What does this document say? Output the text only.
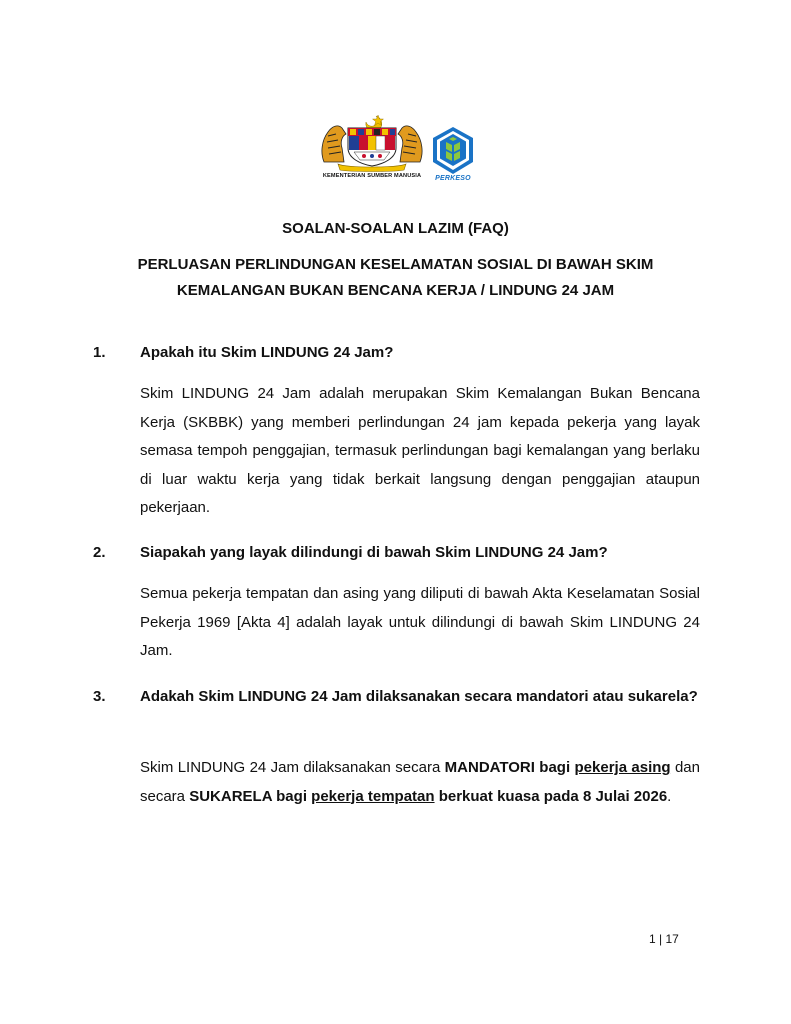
KEMENTERIAN SUMBER MANUSIA	PERKESO
SOALAN-SOALAN LAZIM (FAQ)
PERLUASAN PERLINDUNGAN KESELAMATAN SOSIAL DI BAWAH SKIM
KEMALANGAN BUKAN BENCANA KERJA / LINDUNG 24 JAM
1. Apakah itu Skim LINDUNG 24 Jam?
Skim LINDUNG 24 Jam adalah merupakan Skim Kemalangan Bukan Bencana Kerja (SKBBK) yang memberi perlindungan 24 jam kepada pekerja yang layak semasa tempoh penggajian, termasuk perlindungan bagi kemalangan yang berlaku di luar waktu kerja yang tidak berkait langsung dengan penggajian ataupun pekerjaan.
2. Siapakah yang layak dilindungi di bawah Skim LINDUNG 24 Jam?
Semua pekerja tempatan dan asing yang diliputi di bawah Akta Keselamatan Sosial Pekerja 1969 [Akta 4] adalah layak untuk dilindungi di bawah Skim LINDUNG 24 Jam.
3. Adakah Skim LINDUNG 24 Jam dilaksanakan secara mandatori atau sukarela?
Skim LINDUNG 24 Jam dilaksanakan secara MANDATORI bagi pekerja asing dan secara SUKARELA bagi pekerja tempatan berkuat kuasa pada 8 Julai 2026.
1 | 17
